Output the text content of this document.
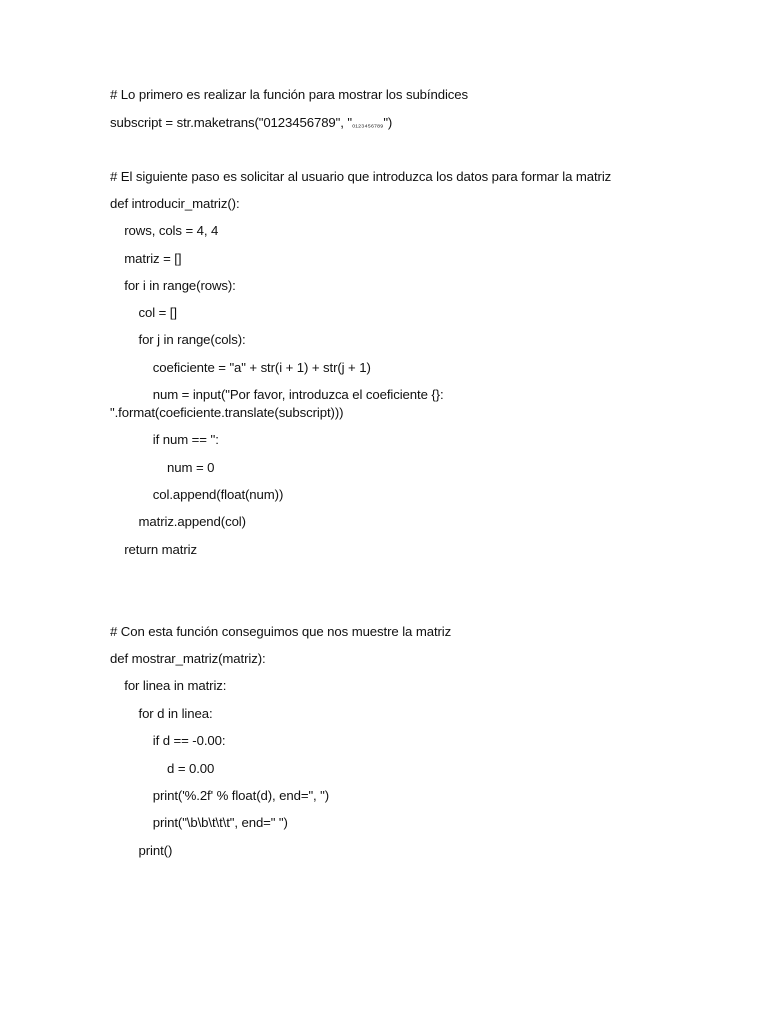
# Lo primero es realizar la función para mostrar los subíndices
subscript = str.maketrans("0123456789", "₀₁₂₃₄₅₆₇₈₉")
# El siguiente paso es solicitar al usuario que introduzca los datos para formar la matriz
def introducir_matriz():
rows, cols = 4, 4
matriz = []
for i in range(rows):
col = []
for j in range(cols):
coeficiente = "a" + str(i + 1) + str(j + 1)
num = input("Por favor, introduzca el coeficiente {}:
".format(coeficiente.translate(subscript)))
if num == '':
num = 0
col.append(float(num))
matriz.append(col)
return matriz
# Con esta función conseguimos que nos muestre la matriz
def mostrar_matriz(matriz):
for linea in matriz:
for d in linea:
if d == -0.00:
d = 0.00
print('%.2f' % float(d), end=", ")
print("\b\b\t\t\t", end=" ")
print()
